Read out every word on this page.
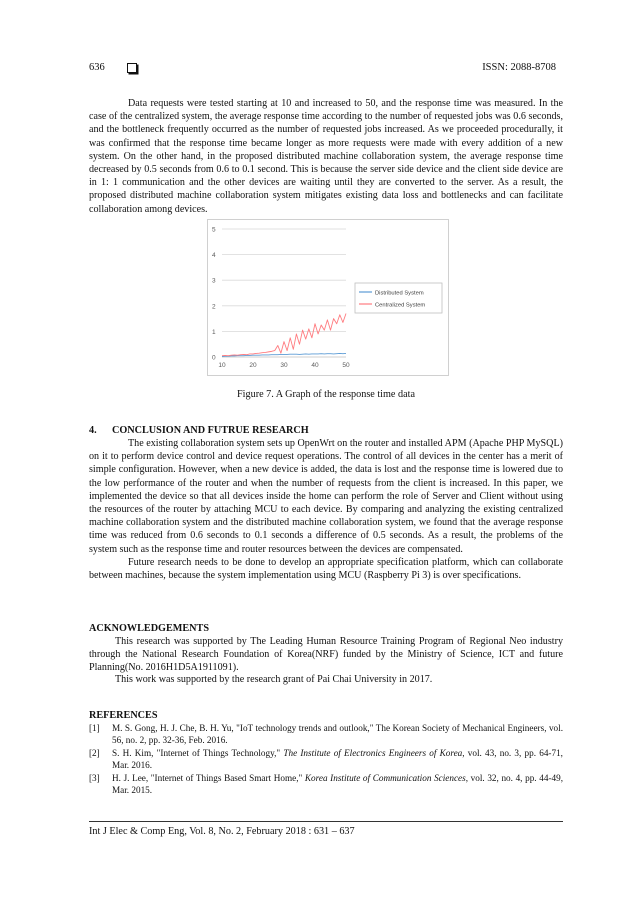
636	ISSN: 2088-8708

Data requests were tested starting at 10 and increased to 50, and the response time was measured. In the case of the centralized system, the average response time according to the number of requested jobs was 0.6 seconds, and the bottleneck frequently occurred as the number of requested jobs increased. As we proceeded procedurally, it was confirmed that the response time became longer as more requests were made with every addition of a new system. On the other hand, in the proposed distributed machine collaboration system, the average response time decreased by 0.5 seconds from 0.6 to 0.1 second. This is because the server side device and the client side device are in 1: 1 communication and the other devices are waiting until they are converted to the server. As a result, the proposed distributed machine collaboration system mitigates existing data loss and bottlenecks and can facilitate collaboration among devices.

0
1
2
3
4
5
10	20	30	40	50
Distributed System
Centralized System
Figure 7. A Graph of the response time data
4. CONCLUSION AND FUTRUE RESEARCH

The existing collaboration system sets up OpenWrt on the router and installed APM (Apache PHP MySQL) on it to perform device control and device request operations. The control of all devices in the center has a merit of simple configuration. However, when a new device is added, the data is lost and the response time is lowered due to the low performance of the router and when the number of requests from the client is increased. In this paper, we implemented the device so that all devices inside the home can perform the role of Server and Client without using the resources of the router by attaching MCU to each device. By comparing and analyzing the existing centralized machine collaboration system and the distributed machine collaboration system, we found that the average response time was reduced from 0.6 seconds to 0.1 seconds a difference of 0.5 seconds. As a result, the problems of the system such as the response time and router resources between the devices are compensated.

Future research needs to be done to develop an appropriate specification platform, which can collaborate between machines, because the system implementation using MCU (Raspberry Pi 3) is over specifications.

ACKNOWLEDGEMENTS

This research was supported by The Leading Human Resource Training Program of Regional Neo industry through the National Research Foundation of Korea(NRF) funded by the Ministry of Science, ICT and future Planning(No. 2016H1D5A1911091).

This work was supported by the research grant of Pai Chai University in 2017.

REFERENCES
[1] M. S. Gong, H. J. Che, B. H. Yu, "IoT technology trends and outlook," The Korean Society of Mechanical Engineers, vol. 56, no. 2, pp. 32-36, Feb. 2016.
[2] S. H. Kim, "Internet of Things Technology," The Institute of Electronics Engineers of Korea, vol. 43, no. 3, pp. 64-71, Mar. 2016.
[3] H. J. Lee, "Internet of Things Based Smart Home," Korea Institute of Communication Sciences, vol. 32, no. 4, pp. 44-49, Mar. 2015.
Int J Elec & Comp Eng, Vol. 8, No. 2, February 2018 : 631 – 637
